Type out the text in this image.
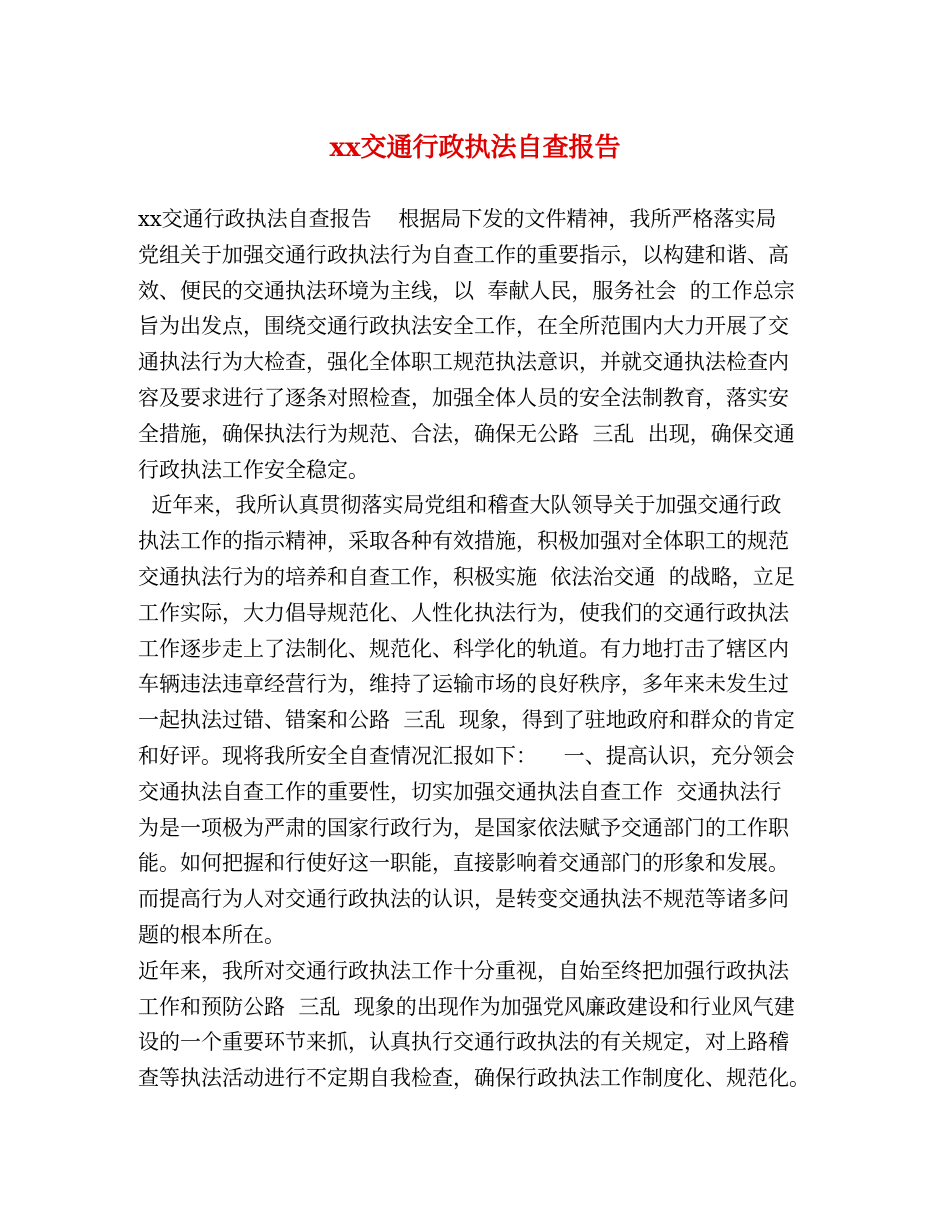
xx交通行政执法自查报告
xx交通行政执法自查报告    根据局下发的文件精神，我所严格落实局
党组关于加强交通行政执法行为自查工作的重要指示，以构建和谐、高
效、便民的交通执法环境为主线，以  奉献人民，服务社会  的工作总宗
旨为出发点，围绕交通行政执法安全工作，在全所范围内大力开展了交
通执法行为大检查，强化全体职工规范执法意识，并就交通执法检查内
容及要求进行了逐条对照检查，加强全体人员的安全法制教育，落实安
全措施，确保执法行为规范、合法，确保无公路  三乱  出现，确保交通
行政执法工作安全稳定。
近年来，我所认真贯彻落实局党组和稽查大队领导关于加强交通行政
执法工作的指示精神，采取各种有效措施，积极加强对全体职工的规范
交通执法行为的培养和自查工作，积极实施  依法治交通  的战略，立足
工作实际，大力倡导规范化、人性化执法行为，使我们的交通行政执法
工作逐步走上了法制化、规范化、科学化的轨道。有力地打击了辖区内
车辆违法违章经营行为，维持了运输市场的良好秩序，多年来未发生过
一起执法过错、错案和公路  三乱  现象，得到了驻地政府和群众的肯定
和好评。现将我所安全自查情况汇报如下：    一、提高认识，充分领会
交通执法自查工作的重要性，切实加强交通执法自查工作  交通执法行
为是一项极为严肃的国家行政行为，是国家依法赋予交通部门的工作职
能。如何把握和行使好这一职能，直接影响着交通部门的形象和发展。
而提高行为人对交通行政执法的认识，是转变交通执法不规范等诸多问
题的根本所在。
近年来，我所对交通行政执法工作十分重视，自始至终把加强行政执法
工作和预防公路  三乱  现象的出现作为加强党风廉政建设和行业风气建
设的一个重要环节来抓，认真执行交通行政执法的有关规定，对上路稽
查等执法活动进行不定期自我检查，确保行政执法工作制度化、规范化。
